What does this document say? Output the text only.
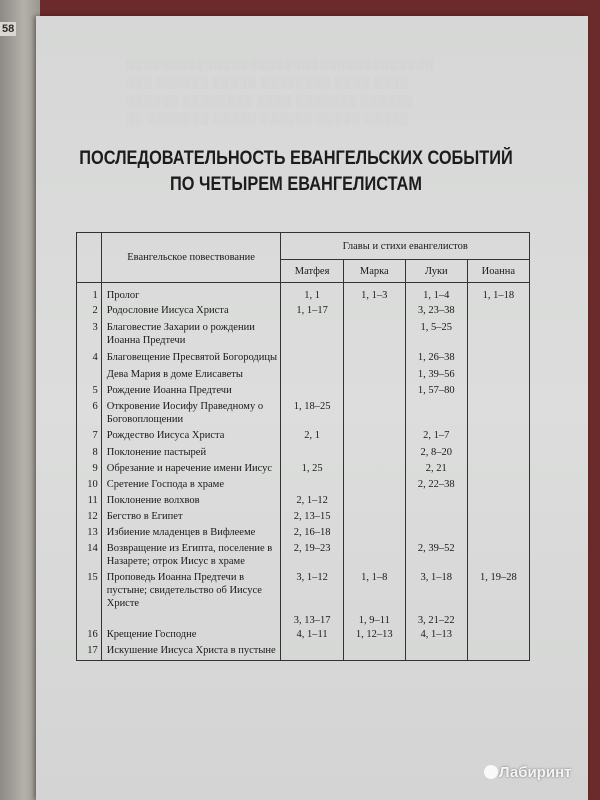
58
░░░░░░░░░░░░░░░░░░░░░░░░░░░░░░░░░░░
░░░ ░░░░░░ ░░░░░ ░░░░░░░░ ░░░░ ░░░░
░░░░░░ ░░░░░░░░ ░░░░ ░░░░░░░ ░░░░░░
░░ ░░░░░░░ ░░░░░ ░░░░░░ ░░░░░ ░░░░░
ПОСЛЕДОВАТЕЛЬНОСТЬ ЕВАНГЕЛЬСКИХ СОБЫТИЙ
ПО ЧЕТЫРЕМ ЕВАНГЕЛИСТАМ
	Евангельское повествование	Главы и стихи евангелистов			
		Матфея	Марка	Луки	Иоанна
1	Пролог	1, 1	1, 1–3	1, 1–4	1, 1–18
2	Родословие Иисуса Христа	1, 1–17		3, 23–38	
3	Благовестие Захарии о рождении Иоанна Предтечи			1, 5–25	
4	Благовещение Пресвятой Богородицы			1, 26–38	
	Дева Мария в доме Елисаветы			1, 39–56	
5	Рождение Иоанна Предтечи			1, 57–80	
6	Откровение Иосифу Праведному о Боговоплощении	1, 18–25			
7	Рождество Иисуса Христа	2, 1		2, 1–7	
8	Поклонение пастырей			2, 8–20	
9	Обрезание и наречение имени Иисус	1, 25		2, 21	
10	Сретение Господа в храме			2, 22–38	
11	Поклонение волхвов	2, 1–12			
12	Бегство в Египет	2, 13–15			
13	Избиение младенцев в Вифлееме	2, 16–18			
14	Возвращение из Египта, поселение в Назарете; отрок Иисус в храме	2, 19–23		2, 39–52	
15	Проповедь Иоанна Предтечи в пустыне; свидетельство об Иисусе Христе	3, 1–12	1, 1–8	3, 1–18	1, 19–28
		3, 13–17	1, 9–11	3, 21–22	
16	Крещение Господне	4, 1–11	1, 12–13	4, 1–13	
17	Искушение Иисуса Христа в пустыне				
Лабиринт
